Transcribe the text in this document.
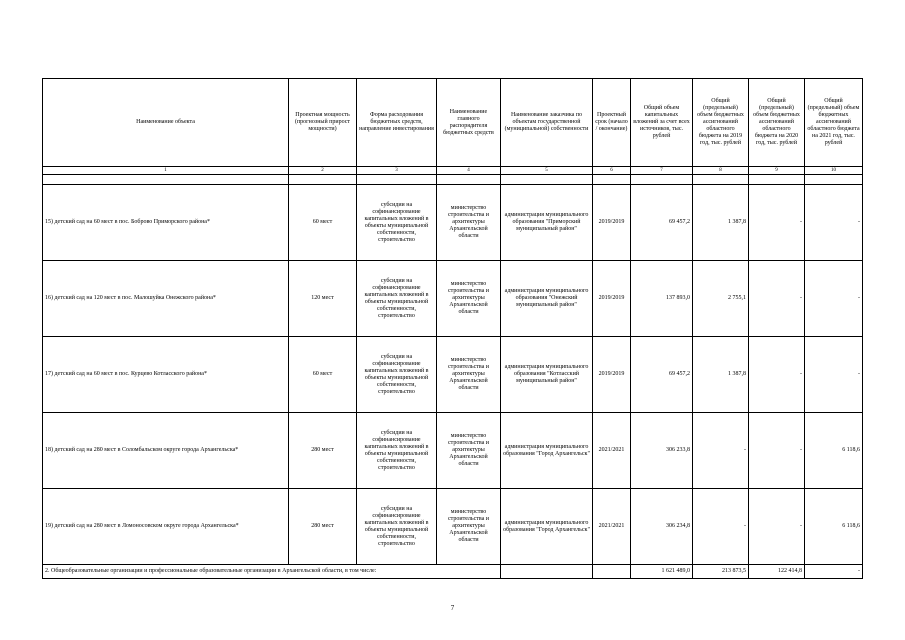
Наименование объекта	Проектная мощность (прогнозный прирост мощности)	Форма расходования бюджетных средств, направление инвестирования	Наименование главного распорядителя бюджетных средств	Наименование заказчика по объектам государственной (муниципальной) собственности	Проектный срок (начало / окончание)	Общий объем капитальных вложений за счет всех источников, тыс. рублей	Общий (предельный) объем бюджетных ассигнований областного бюджета на 2019 год, тыс. рублей	Общий (предельный) объем бюджетных ассигнований областного бюджета на 2020 год, тыс. рублей	Общий (предельный) объем бюджетных ассигнований областного бюджета на 2021 год, тыс. рублей
1	2	3	4	5	6	7	8	9	10

15) детский сад на 60 мест в пос. Боброво Приморского района*	60 мест	субсидии на софинансирование капитальных вложений в объекты муниципальной собственности, строительство	министерство строительства и архитектуры Архангельской области	администрация муниципального образования "Приморский муниципальный район"	2019/2019	69 457,2	1 387,8	-	-
16) детский сад на 120 мест в пос. Малошуйка Онежского района*	120 мест	субсидии на софинансирование капитальных вложений в объекты муниципальной собственности, строительство	министерство строительства и архитектуры Архангельской области	администрация муниципального образования "Онежский муниципальный район"	2019/2019	137 893,0	2 755,1	-	-
17) детский сад на 60 мест в пос. Курцево Котласского района*	60 мест	субсидии на софинансирование капитальных вложений в объекты муниципальной собственности, строительство	министерство строительства и архитектуры Архангельской области	администрация муниципального образования "Котласский муниципальный район"	2019/2019	69 457,2	1 387,8	-	-
18) детский сад на 280 мест в Соломбальском округе города Архангельска*	280 мест	субсидии на софинансирование капитальных вложений в объекты муниципальной собственности, строительство	министерство строительства и архитектуры Архангельской области	администрация муниципального образования "Город Архангельск"	2021/2021	306 233,8	-	-	6 118,6
19) детский сад на 280 мест в Ломоносовском округе города Архангельска*	280 мест	субсидии на софинансирование капитальных вложений в объекты муниципальной собственности, строительство	министерство строительства и архитектуры Архангельской области	администрация муниципального образования "Город Архангельск"	2021/2021	306 234,8	-	-	6 118,6
2. Общеобразовательные организации и профессиональные образовательные организации в Архангельской области, в том числе:						1 621 489,0	213 873,5	122 414,8	-
7
